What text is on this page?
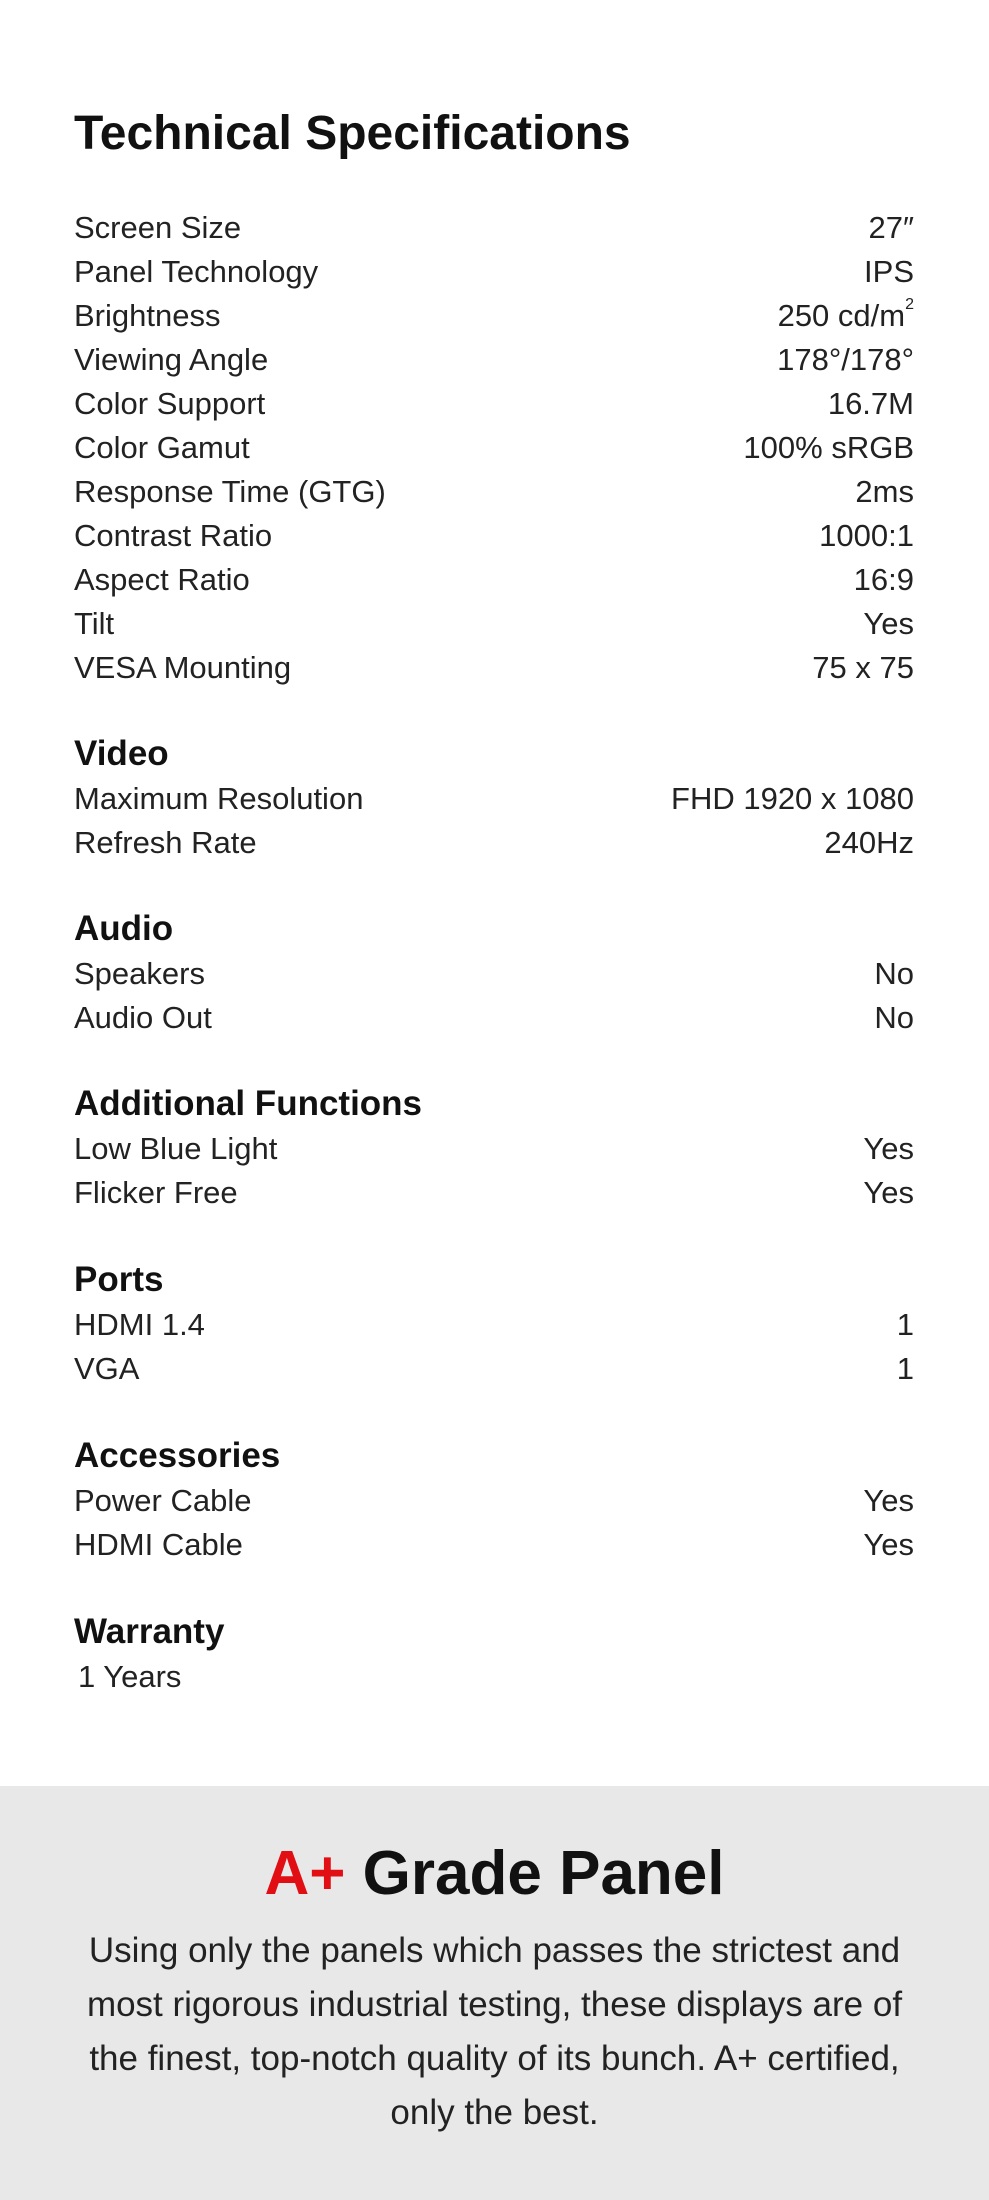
Technical Specifications
Screen Size	27″
Panel Technology	IPS
Brightness	250 $cd/m^2$
Viewing Angle	178°/178°
Color Support	16.7M
Color Gamut	100% sRGB
Response Time (GTG)	2ms
Contrast Ratio	1000:1
Aspect Ratio	16:9
Tilt	Yes
VESA Mounting	75 x 75
Video
Maximum Resolution	FHD 1920 x 1080
Refresh Rate	240Hz
Audio
Speakers	No
Audio Out	No
Additional Functions
Low Blue Light	Yes
Flicker Free	Yes
Ports
HDMI 1.4	1
VGA	1
Accessories
Power Cable	Yes
HDMI Cable	Yes
Warranty
1 Years
A+ Grade Panel

Using only the panels which passes the strictest and most rigorous industrial testing, these displays are of the finest, top-notch quality of its bunch. A+ certified, only the best.
